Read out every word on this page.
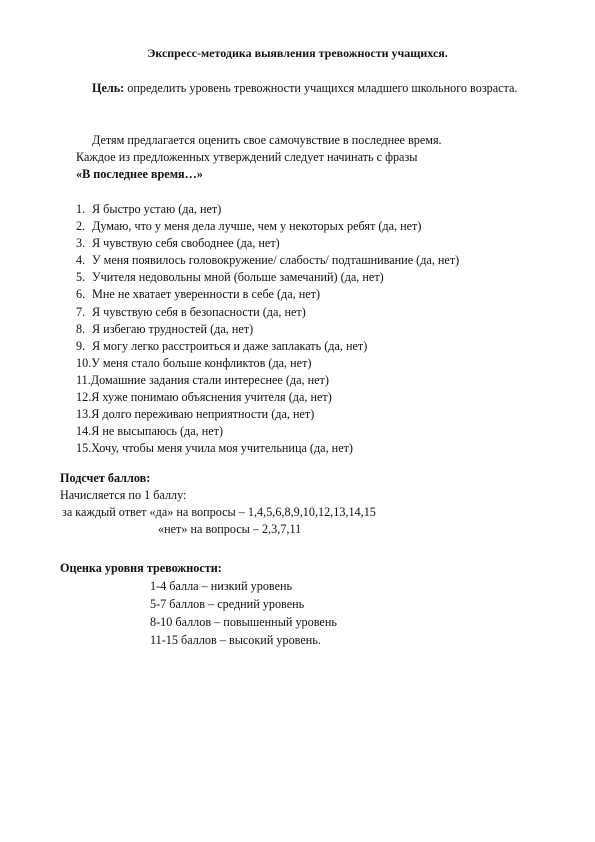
Экспресс-методика выявления тревожности учащихся.
Цель: определить уровень тревожности учащихся младшего школьного возраста.
Детям предлагается оценить свое самочувствие в последнее время.
Каждое из предложенных утверждений следует начинать с фразы
«В последнее время…»
1. Я быстро устаю (да, нет)
2. Думаю, что у меня дела лучше, чем у некоторых ребят (да, нет)
3. Я чувствую себя свободнее (да, нет)
4. У меня появилось головокружение/ слабость/ подташнивание (да, нет)
5. Учителя недовольны мной (больше замечаний) (да, нет)
6. Мне не хватает уверенности в себе (да, нет)
7. Я чувствую себя в безопасности (да, нет)
8. Я избегаю трудностей (да, нет)
9. Я могу легко расстроиться и даже заплакать (да, нет)
10.У меня стало больше конфликтов (да, нет)
11.Домашние задания стали интереснее (да, нет)
12.Я хуже понимаю объяснения учителя (да, нет)
13.Я долго переживаю неприятности (да, нет)
14.Я не высыпаюсь (да, нет)
15.Хочу, чтобы меня учила моя учительница (да, нет)
Подсчет баллов:
Начисляется по 1 баллу:
за каждый ответ «да» на вопросы – 1,4,5,6,8,9,10,12,13,14,15
«нет» на вопросы – 2,3,7,11
Оценка уровня тревожности:
1-4 балла – низкий уровень
5-7 баллов – средний уровень
8-10 баллов – повышенный уровень
11-15 баллов – высокий уровень.
